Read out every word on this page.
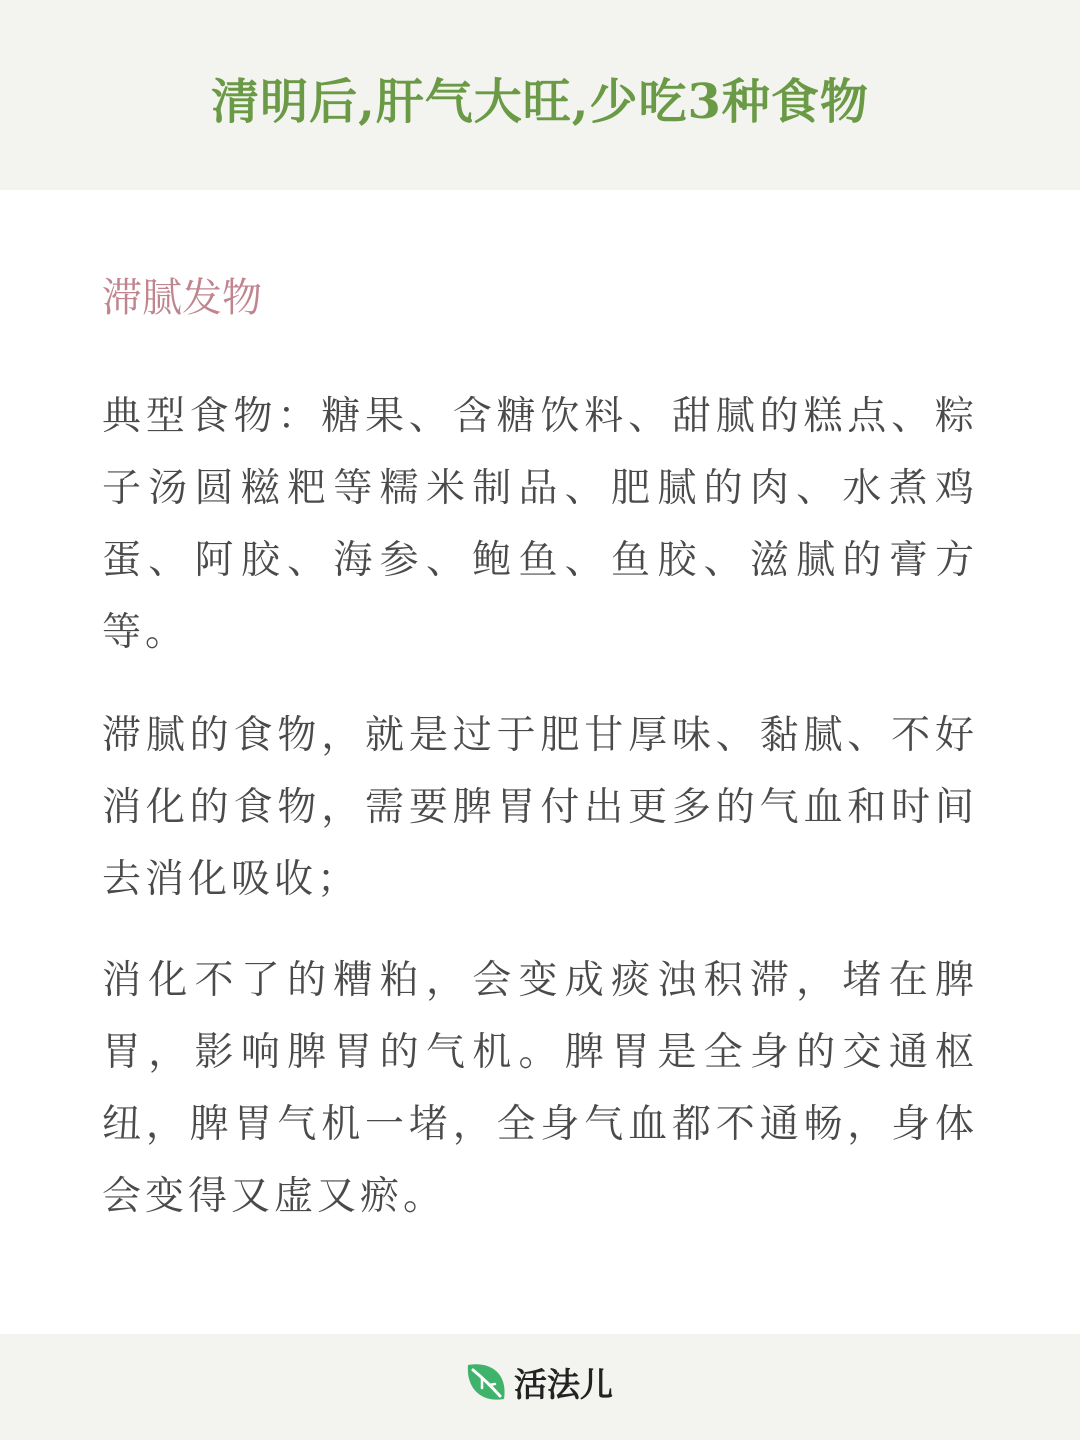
清明后,肝气大旺,少吃3种食物
滞腻发物

典型食物：糖果、含糖饮料、甜腻的糕点、粽子汤圆糍粑等糯米制品、肥腻的肉、水煮鸡蛋、阿胶、海参、鲍鱼、鱼胶、滋腻的膏方等。

滞腻的食物，就是过于肥甘厚味、黏腻、不好消化的食物，需要脾胃付出更多的气血和时间去消化吸收；

消化不了的糟粕，会变成痰浊积滞，堵在脾胃，影响脾胃的气机。脾胃是全身的交通枢纽，脾胃气机一堵，全身气血都不通畅，身体会变得又虚又瘀。

活法儿
